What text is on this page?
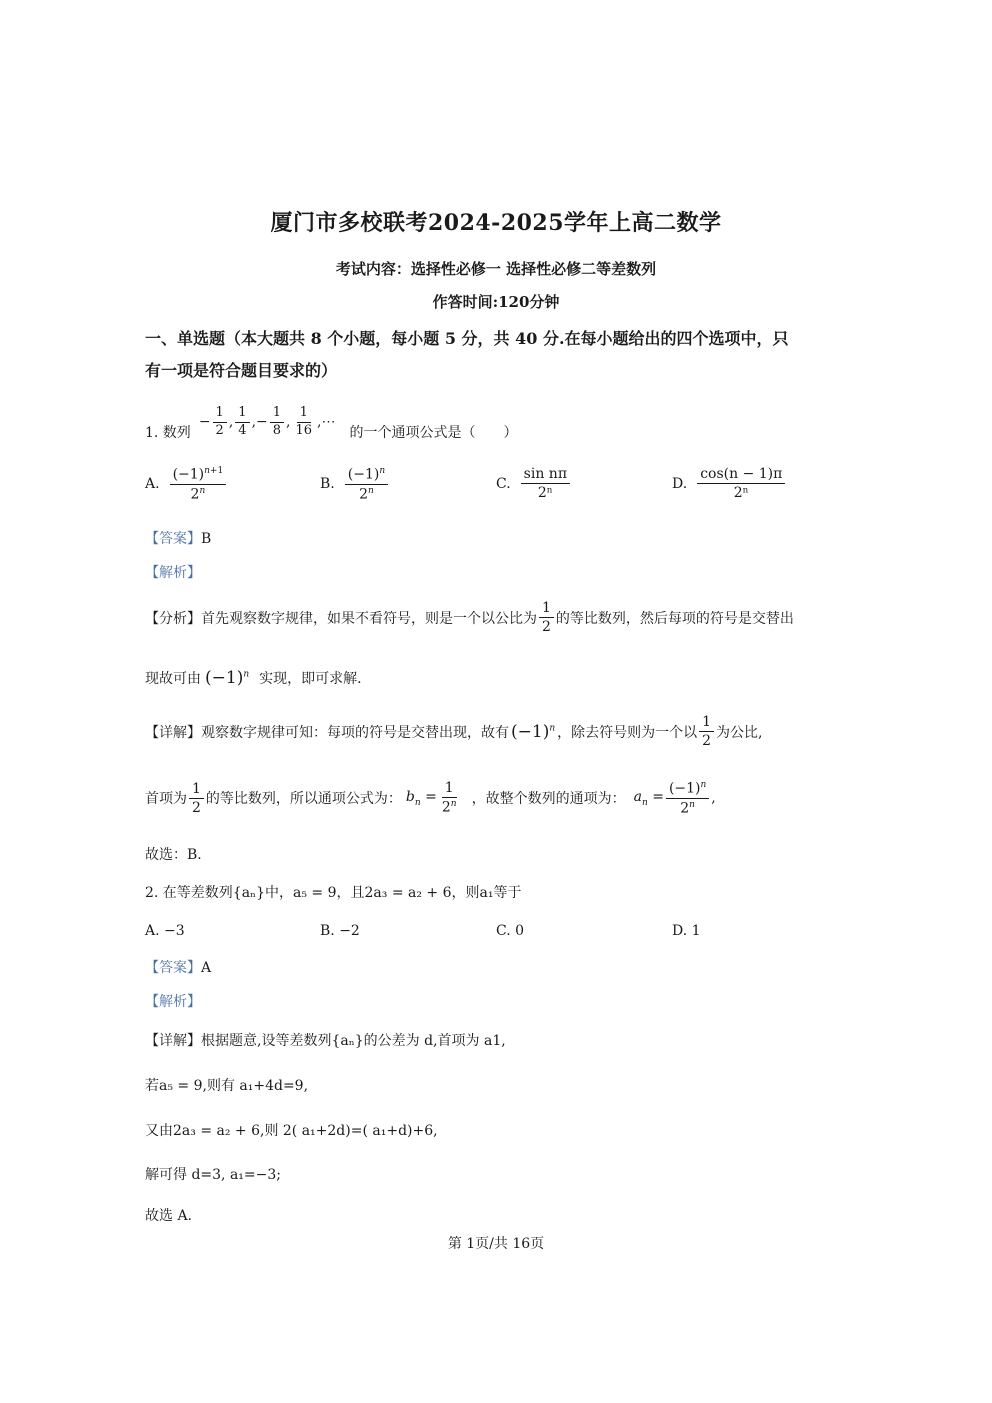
厦门市多校联考2024-2025学年上高二数学
考试内容：选择性必修一 选择性必修二等差数列
作答时间:120分钟
一、单选题（本大题共 8 个小题，每小题 5 分，共 40 分.在每小题给出的四个选项中，只
有一项是符合题目要求的）
1. 数列
− $\frac{1}{2}$ , $\frac{1}{4}$ ,− $\frac{1}{8}$ , $\frac{1}{16}$ ,⋯
的一个通项公式是（　　）
A. $\frac{(-1)^{n+1}}{2^n}$	B. $\frac{(-1)^n}{2^n}$	C. $\frac{\text{sin nπ}}{\text{2ⁿ}}$	D. $\frac{\cos(n - 1)\pi}{\text{2ⁿ}}$
【答案】B
【解析】
【分析】 首先观察数字规律，如果不看符号，则是一个以公比为 $\frac{1}{2}$ 的等比数列，然后每项的符号是交替出
现故可由 $(-1)^n$ 实现，即可求解.
【详解】 观察数字规律可知：每项的符号是交替出现，故有 $(-1)^n$ ，除去符号则为一个以 $\frac{1}{2}$ 为公比,
首项为 $\frac{1}{2}$ 的等比数列，所以通项公式为： $b_n = \frac{1}{2^n}$ ，故整个数列的通项为： $a_n = \frac{(-1)^n}{2^n}$ ,
故选：B.
2. 在等差数列{aₙ}中，a₅ = 9，且2a₃ = a₂ + 6，则a₁等于
A. −3	B. −2	C. 0	D. 1
【答案】A
【解析】
【详解】根据题意,设等差数列{aₙ}的公差为 d,首项为 a1,
若a₅ = 9,则有 a₁+4d=9,
又由2a₃ = a₂ + 6,则 2( a₁+2d)=( a₁+d)+6,
解可得 d=3, a₁=−3;
故选 A.
第 1页/共 16页
